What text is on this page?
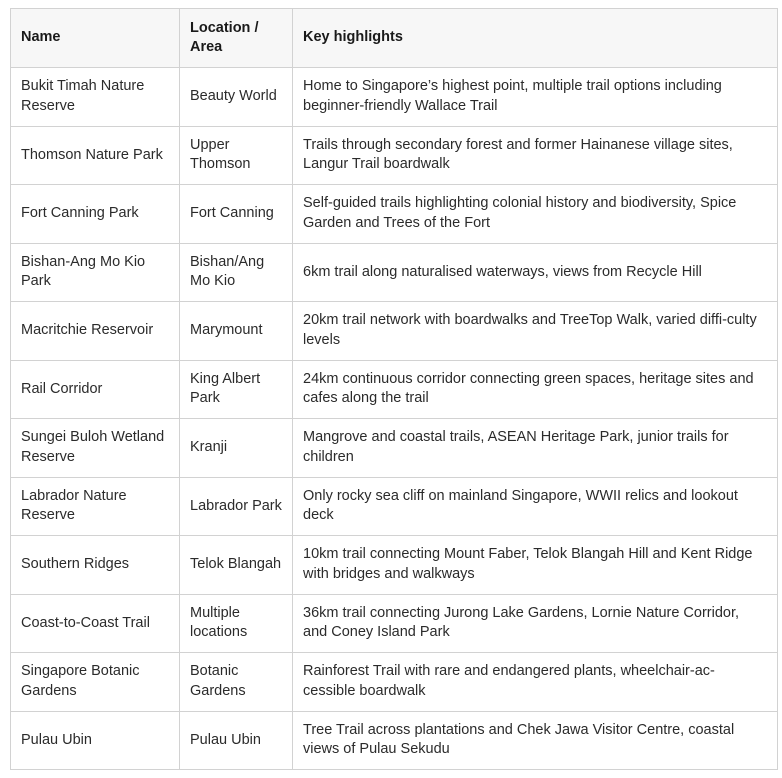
Name	Location / Area	Key highlights
Bukit Timah Nature Reserve	Beauty World	Home to Singapore’s highest point, multiple trail options including beginner-friendly Wallace Trail
Thomson Nature Park	Upper Thomson	Trails through secondary forest and former Hainanese village sites, Langur Trail boardwalk
Fort Canning Park	Fort Canning	Self-guided trails highlighting colonial history and biodiversity, Spice Garden and Trees of the Fort
Bishan-Ang Mo Kio Park	Bishan/Ang Mo Kio	6km trail along naturalised waterways, views from Recycle Hill
Macritchie Reservoir	Marymount	20km trail network with boardwalks and TreeTop Walk, varied diffi-culty levels
Rail Corridor	King Albert Park	24km continuous corridor connecting green spaces, heritage sites and cafes along the trail
Sungei Buloh Wetland Reserve	Kranji	Mangrove and coastal trails, ASEAN Heritage Park, junior trails for children
Labrador Nature Reserve	Labrador Park	Only rocky sea cliff on mainland Singapore, WWII relics and lookout deck
Southern Ridges	Telok Blangah	10km trail connecting Mount Faber, Telok Blangah Hill and Kent Ridge with bridges and walkways
Coast-to-Coast Trail	Multiple locations	36km trail connecting Jurong Lake Gardens, Lornie Nature Corridor, and Coney Island Park
Singapore Botanic Gardens	Botanic Gardens	Rainforest Trail with rare and endangered plants, wheelchair-ac-cessible boardwalk
Pulau Ubin	Pulau Ubin	Tree Trail across plantations and Chek Jawa Visitor Centre, coastal views of Pulau Sekudu
